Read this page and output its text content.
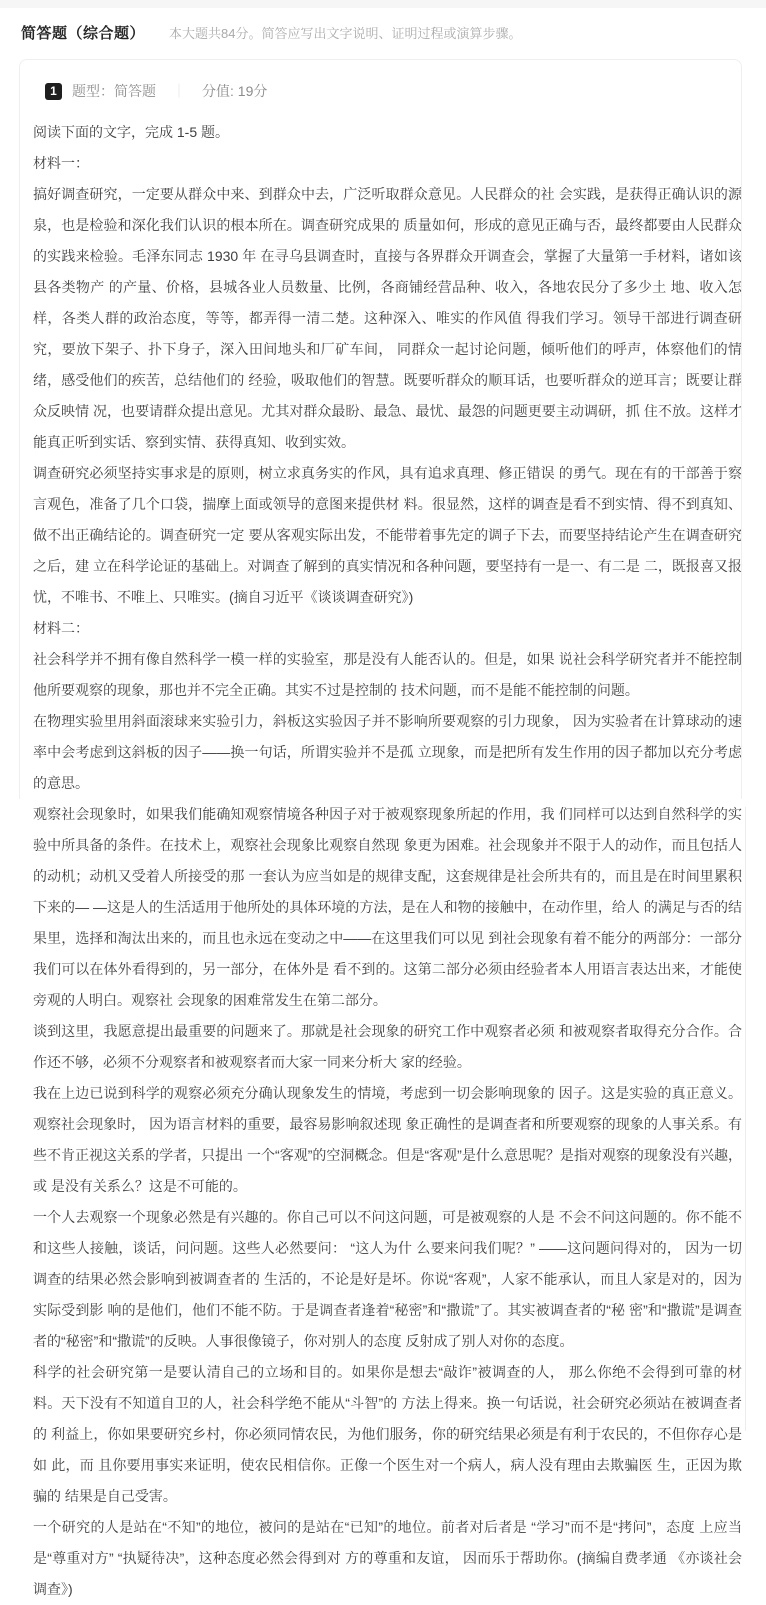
简答题（综合题） 本大题共84分。简答应写出文字说明、证明过程或演算步骤。
1	题型：简答题 ｜ 分值: 19分

阅读下面的文字，完成 1-5 题。

材料一：

搞好调查研究，一定要从群众中来、到群众中去，广泛听取群众意见。人民群众的社 会实践，是获得正确认识的源泉，也是检验和深化我们认识的根本所在。调查研究成果的 质量如何，形成的意见正确与否，最终都要由人民群众的实践来检验。毛泽东同志 1930 年 在寻乌县调查时，直接与各界群众开调查会，掌握了大量第一手材料，诸如该县各类物产 的产量、价格，县城各业人员数量、比例，各商铺经营品种、收入，各地农民分了多少土 地、收入怎样，各类人群的政治态度，等等，都弄得一清二楚。这种深入、唯实的作风值 得我们学习。领导干部进行调查研究，要放下架子、扑下身子，深入田间地头和厂矿车间， 同群众一起讨论问题，倾听他们的呼声，体察他们的情绪，感受他们的疾苦，总结他们的 经验，吸取他们的智慧。既要听群众的顺耳话，也要听群众的逆耳言；既要让群众反映情 况，也要请群众提出意见。尤其对群众最盼、最急、最忧、最怨的问题更要主动调研，抓 住不放。这样才能真正听到实话、察到实情、获得真知、收到实效。

调查研究必须坚持实事求是的原则，树立求真务实的作风，具有追求真理、修正错误 的勇气。现在有的干部善于察言观色，准备了几个口袋，揣摩上面或领导的意图来提供材 料。很显然，这样的调查是看不到实情、得不到真知、做不出正确结论的。调查研究一定 要从客观实际出发，不能带着事先定的调子下去，而要坚持结论产生在调查研究之后，建 立在科学论证的基础上。对调查了解到的真实情况和各种问题，要坚持有一是一、有二是 二，既报喜又报忧，不唯书、不唯上、只唯实。(摘自习近平《谈谈调查研究》)

材料二：

社会科学并不拥有像自然科学一模一样的实验室，那是没有人能否认的。但是，如果 说社会科学研究者并不能控制他所要观察的现象，那也并不完全正确。其实不过是控制的 技术问题，而不是能不能控制的问题。

在物理实验里用斜面滚球来实验引力，斜板这实验因子并不影响所要观察的引力现象， 因为实验者在计算球动的速率中会考虑到这斜板的因子——换一句话，所谓实验并不是孤 立现象，而是把所有发生作用的因子都加以充分考虑的意思。

观察社会现象时，如果我们能确知观察情境各种因子对于被观察现象所起的作用，我 们同样可以达到自然科学的实验中所具备的条件。在技术上，观察社会现象比观察自然现 象更为困难。社会现象并不限于人的动作，而且包括人的动机；动机又受着人所接受的那 一套认为应当如是的规律支配，这套规律是社会所共有的，而且是在时间里累积下来的— —这是人的生活适用于他所处的具体环境的方法，是在人和物的接触中，在动作里，给人 的满足与否的结果里，选择和淘汰出来的，而且也永远在变动之中——在这里我们可以见 到社会现象有着不能分的两部分：一部分我们可以在体外看得到的，另一部分，在体外是 看不到的。这第二部分必须由经验者本人用语言表达出来，才能使旁观的人明白。观察社 会现象的困难常发生在第二部分。

谈到这里，我愿意提出最重要的问题来了。那就是社会现象的研究工作中观察者必须 和被观察者取得充分合作。合作还不够，必须不分观察者和被观察者而大家一同来分析大 家的经验。

我在上边已说到科学的观察必须充分确认现象发生的情境，考虑到一切会影响现象的 因子。这是实验的真正意义。观察社会现象时， 因为语言材料的重要，最容易影响叙述现 象正确性的是调查者和所要观察的现象的人事关系。有些不肯正视这关系的学者，只提出 一个“客观”的空洞概念。但是“客观”是什么意思呢？是指对观察的现象没有兴趣，或 是没有关系么？这是不可能的。

一个人去观察一个现象必然是有兴趣的。你自己可以不问这问题，可是被观察的人是 不会不问这问题的。你不能不和这些人接触，谈话，问问题。这些人必然要问： “这人为什 么要来问我们呢？” ——这问题问得对的， 因为一切调查的结果必然会影响到被调查者的 生活的，不论是好是坏。你说“客观”，人家不能承认，而且人家是对的，因为实际受到影 响的是他们，他们不能不防。于是调查者逢着“秘密”和“撒谎”了。其实被调查者的“秘 密”和“撒谎”是调查者的“秘密”和“撒谎”的反映。人事很像镜子，你对别人的态度 反射成了别人对你的态度。

科学的社会研究第一是要认清自己的立场和目的。如果你是想去“敲诈”被调查的人， 那么你绝不会得到可靠的材 料。天下没有不知道自卫的人，社会科学绝不能从“斗智”的 方法上得来。换一句话说，社会研究必须站在被调查者的 利益上，你如果要研究乡村，你必须同情农民，为他们服务，你的研究结果必须是有利于农民的，不但你存心是如 此，而 且你要用事实来证明，使农民相信你。正像一个医生对一个病人，病人没有理由去欺骗医 生，正因为欺骗的 结果是自己受害。

一个研究的人是站在“不知”的地位，被问的是站在“已知”的地位。前者对后者是 “学习”而不是“拷问”，态度 上应当是“尊重对方” “执疑待决”，这种态度必然会得到对 方的尊重和友谊， 因而乐于帮助你。(摘编自费孝通 《亦谈社会调查》)
